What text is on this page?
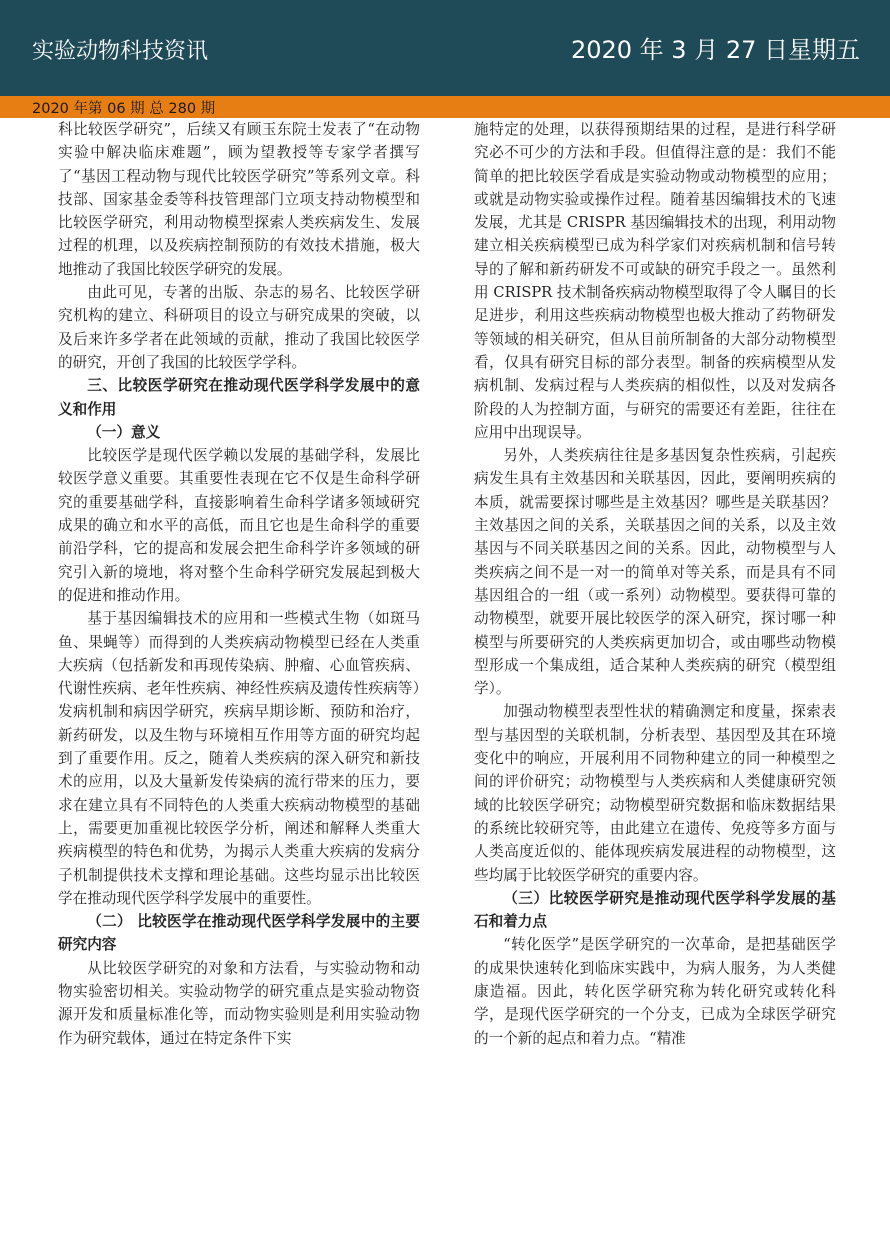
实验动物科技资讯	2020 年 3 月 27 日星期五
2020 年第 06 期 总 280 期

科比较医学研究”，后续又有顾玉东院士发表了“在动物实验中解决临床难题”，顾为望教授等专家学者撰写了“基因工程动物与现代比较医学研究”等系列文章。科技部、国家基金委等科技管理部门立项支持动物模型和比较医学研究，利用动物模型探索人类疾病发生、发展过程的机理，以及疾病控制预防的有效技术措施，极大地推动了我国比较医学研究的发展。

由此可见，专著的出版、杂志的易名、比较医学研究机构的建立、科研项目的设立与研究成果的突破，以及后来许多学者在此领域的贡献，推动了我国比较医学的研究，开创了我国的比较医学学科。

三、比较医学研究在推动现代医学科学发展中的意义和作用

（一）意义

比较医学是现代医学赖以发展的基础学科，发展比较医学意义重要。其重要性表现在它不仅是生命科学研究的重要基础学科，直接影响着生命科学诸多领域研究成果的确立和水平的高低，而且它也是生命科学的重要前沿学科，它的提高和发展会把生命科学许多领域的研究引入新的境地，将对整个生命科学研究发展起到极大的促进和推动作用。

基于基因编辑技术的应用和一些模式生物（如斑马鱼、果蝇等）而得到的人类疾病动物模型已经在人类重大疾病（包括新发和再现传染病、肿瘤、心血管疾病、代谢性疾病、老年性疾病、神经性疾病及遗传性疾病等）发病机制和病因学研究，疾病早期诊断、预防和治疗，新药研发，以及生物与环境相互作用等方面的研究均起到了重要作用。反之，随着人类疾病的深入研究和新技术的应用，以及大量新发传染病的流行带来的压力，要求在建立具有不同特色的人类重大疾病动物模型的基础上，需要更加重视比较医学分析，阐述和解释人类重大疾病模型的特色和优势，为揭示人类重大疾病的发病分子机制提供技术支撑和理论基础。这些均显示出比较医学在推动现代医学科学发展中的重要性。

（二） 比较医学在推动现代医学科学发展中的主要研究内容

从比较医学研究的对象和方法看，与实验动物和动物实验密切相关。实验动物学的研究重点是实验动物资源开发和质量标准化等，而动物实验则是利用实验动物作为研究载体，通过在特定条件下实

施特定的处理，以获得预期结果的过程，是进行科学研究必不可少的方法和手段。但值得注意的是：我们不能简单的把比较医学看成是实验动物或动物模型的应用；或就是动物实验或操作过程。随着基因编辑技术的飞速发展，尤其是 CRISPR 基因编辑技术的出现，利用动物建立相关疾病模型已成为科学家们对疾病机制和信号转导的了解和新药研发不可或缺的研究手段之一。虽然利用 CRISPR 技术制备疾病动物模型取得了令人瞩目的长足进步，利用这些疾病动物模型也极大推动了药物研发等领域的相关研究，但从目前所制备的大部分动物模型看，仅具有研究目标的部分表型。制备的疾病模型从发病机制、发病过程与人类疾病的相似性，以及对发病各阶段的人为控制方面，与研究的需要还有差距，往往在应用中出现误导。

另外，人类疾病往往是多基因复杂性疾病，引起疾病发生具有主效基因和关联基因，因此，要阐明疾病的本质，就需要探讨哪些是主效基因？哪些是关联基因？主效基因之间的关系，关联基因之间的关系，以及主效基因与不同关联基因之间的关系。因此，动物模型与人类疾病之间不是一对一的简单对等关系，而是具有不同基因组合的一组（或一系列）动物模型。要获得可靠的动物模型，就要开展比较医学的深入研究，探讨哪一种模型与所要研究的人类疾病更加切合，或由哪些动物模型形成一个集成组，适合某种人类疾病的研究（模型组学）。

加强动物模型表型性状的精确测定和度量，探索表型与基因型的关联机制，分析表型、基因型及其在环境变化中的响应，开展利用不同物种建立的同一种模型之间的评价研究；动物模型与人类疾病和人类健康研究领域的比较医学研究；动物模型研究数据和临床数据结果的系统比较研究等，由此建立在遗传、免疫等多方面与人类高度近似的、能体现疾病发展进程的动物模型，这些均属于比较医学研究的重要内容。

（三）比较医学研究是推动现代医学科学发展的基石和着力点

“转化医学”是医学研究的一次革命，是把基础医学的成果快速转化到临床实践中，为病人服务，为人类健康造福。因此，转化医学研究称为转化研究或转化科学，是现代医学研究的一个分支，已成为全球医学研究的一个新的起点和着力点。“精准
